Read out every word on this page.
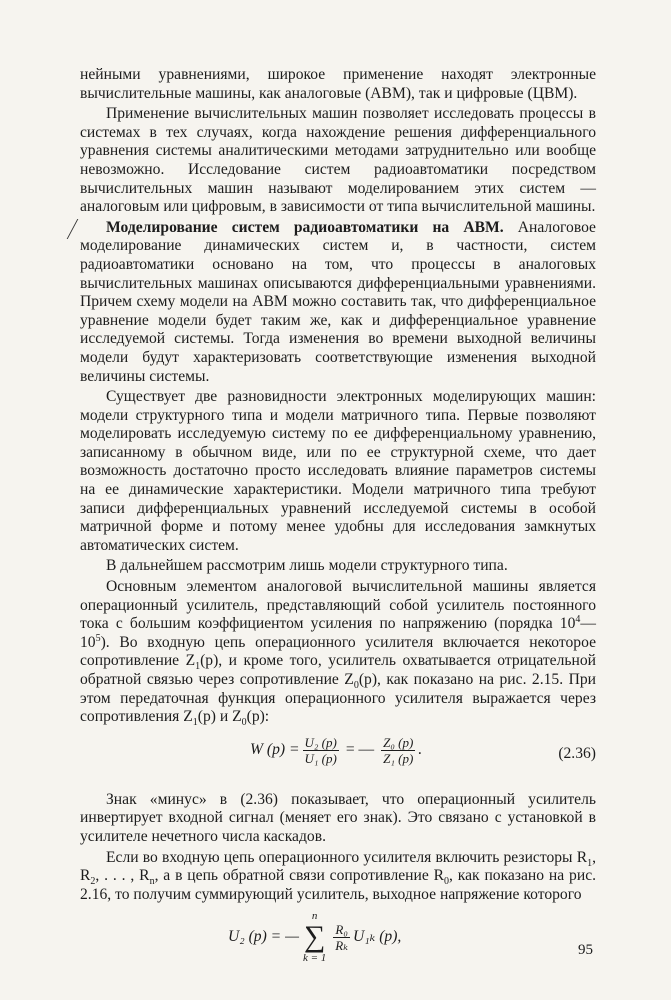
нейными уравнениями, широкое применение находят электронные вычислительные машины, как аналоговые (АВМ), так и цифровые (ЦВМ).

Применение вычислительных машин позволяет исследовать процессы в системах в тех случаях, когда нахождение решения дифференциального уравнения системы аналитическими методами затруднительно или вообще невозможно. Исследование систем радиоавтоматики посредством вычислительных машин называют моделированием этих систем — аналоговым или цифровым, в зависимости от типа вычислительной машины.

Моделирование систем радиоавтоматики на АВМ. Аналоговое моделирование динамических систем и, в частности, систем радиоавтоматики основано на том, что процессы в аналоговых вычислительных машинах описываются дифференциальными уравнениями. Причем схему модели на АВМ можно составить так, что дифференциальное уравнение модели будет таким же, как и дифференциальное уравнение исследуемой системы. Тогда изменения во времени выходной величины модели будут характеризовать соответствующие изменения выходной величины системы.

Существует две разновидности электронных моделирующих машин: модели структурного типа и модели матричного типа. Первые позволяют моделировать исследуемую систему по ее дифференциальному уравнению, записанному в обычном виде, или по ее структурной схеме, что дает возможность достаточно просто исследовать влияние параметров системы на ее динамические характеристики. Модели матричного типа требуют записи дифференциальных уравнений исследуемой системы в особой матричной форме и потому менее удобны для исследования замкнутых автоматических систем.

В дальнейшем рассмотрим лишь модели структурного типа.

Основным элементом аналоговой вычислительной машины является операционный усилитель, представляющий собой усилитель постоянного тока с большим коэффициентом усиления по напряжению (порядка $10^4—10^5$). Во входную цепь операционного усилителя включается некоторое сопротивление $Z_1(p)$, и кроме того, усилитель охватывается отрицательной обратной связью через сопротивление $Z_0(p)$, как показано на рис. 2.15. При этом передаточная функция операционного усилителя выражается через сопротивления $Z_1(p)$ и $Z_0(p)$:

W $(p) = \frac{\text{U₂ (p)}}{\text{U₁ (p)}}$ = — $\frac{\text{Z₀ (p)}}{\text{Z₁ (p)}}$ .	(2.36)

Знак «минус» в (2.36) показывает, что операционный усилитель инвертирует входной сигнал (меняет его знак). Это связано с установкой в усилителе нечетного числа каскадов.

Если во входную цепь операционного усилителя включить резисторы $R_1$, $R_2$, . . . , $R_n$, а в цепь обратной связи сопротивление $R_0$, как показано на рис. 2.16, то получим суммирующий усилитель, выходное напряжение которого

U₂ (p) = —
n
∑
k = 1
$\frac{\text{R₀}}{\text{Rₖ}} U_{1k}$ (p),
95
